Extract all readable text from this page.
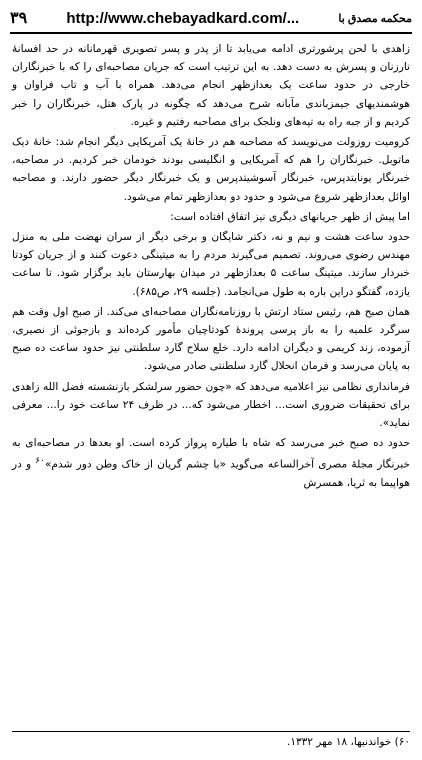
۳۹	http://www.chebayadkard.com/...	محکمه مصدق با

زاهدی با لحن پرشورتری ادامه می‌یابد تا از پدر و پسر تصویری قهرمانانه در حد افسانهٔ نارزنان و پسرش به دست دهد. به این ترتیب است که جریان مصاحبه‌ای را که با خبرنگاران خارجی در حدود ساعت یک بعدازظهر انجام می‌دهد. همراه با آب و تاب فراوان و هوشمندیهای جیمزباندی مآبانه شرح می‌دهد که چگونه در پارک هتل، خبرنگاران را خبر کردیم و از جبه راه به تپه‌های ونلجک برای مصاحبه رفتیم و غیره.

کرومیت روزولت می‌نویسد که مصاحبه هم در خانهٔ یک آمریکایی دیگر انجام شد: خانهٔ دیک ماتوبل. خبرنگاران را هم که آمریکایی و انگلیسی بودند خودمان خبر کردیم. در مصاحبه، خبرنگار یونایتدپرس، خبرنگار آسوشیتدپرس و یک خبرنگار دیگر حضور دارند. و مصاحبه اوائل بعدازظهر شروع می‌شود و حدود دو بعدازظهر تمام می‌شود.

اما پیش از ظهر جریانهای دیگری نیز اتفاق افتاده است:

حدود ساعت هشت و نیم و نه، دکتر شایگان و برخی دیگر از سران نهضت ملی به منزل مهندس رضوی می‌روند. تصمیم می‌گیرند مردم را به میتینگی دعوت کنند و از جریان کودتا خبردار سازند. میتینگ ساعت ۵ بعدازظهر در میدان بهارستان باید برگزار شود. تا ساعت یازده، گفتگو دراین باره به طول می‌انجامد. (جلسه ۲۹، ص۶۸۵).

همان صبح هم، رئیس ستاد ارتش با روزنامه‌نگاران مصاحبه‌ای می‌کند. از صبح اول وقت هم سرگرد علمیه را به باز پرسی پروندهٔ کودتاچیان مأمور کرده‌اند و بازجوئی از نصیری، آزموده، زند کریمی و دیگران ادامه دارد. خلع سلاح گارد سلطنتی نیز حدود ساعت ده صبح به پایان می‌رسد و فرمان انحلال گارد سلطنتی صادر می‌شود.

فرمانداری نظامی نیز اعلامیه می‌دهد که «چون حضور سرلشکر بازنشسته فضل الله زاهدی برای تحقیقات ضروری است... اخطار می‌شود که... در ظرف ۲۴ ساعت خود را... معرفی نماید».

حدود ده صبح خبر می‌رسد که شاه با طیاره پرواز کرده است. او بعدها در مصاحبه‌ای به خبرنگار مجلهٔ مصری آخرالساعه می‌گوید «با چشم گریان از خاک وطن دور شدم»$^{۶۰}$ و در هواپیما به ثریا، همسرش

۶۰) خواندنیها، ۱۸ مهر ۱۳۳۲.
